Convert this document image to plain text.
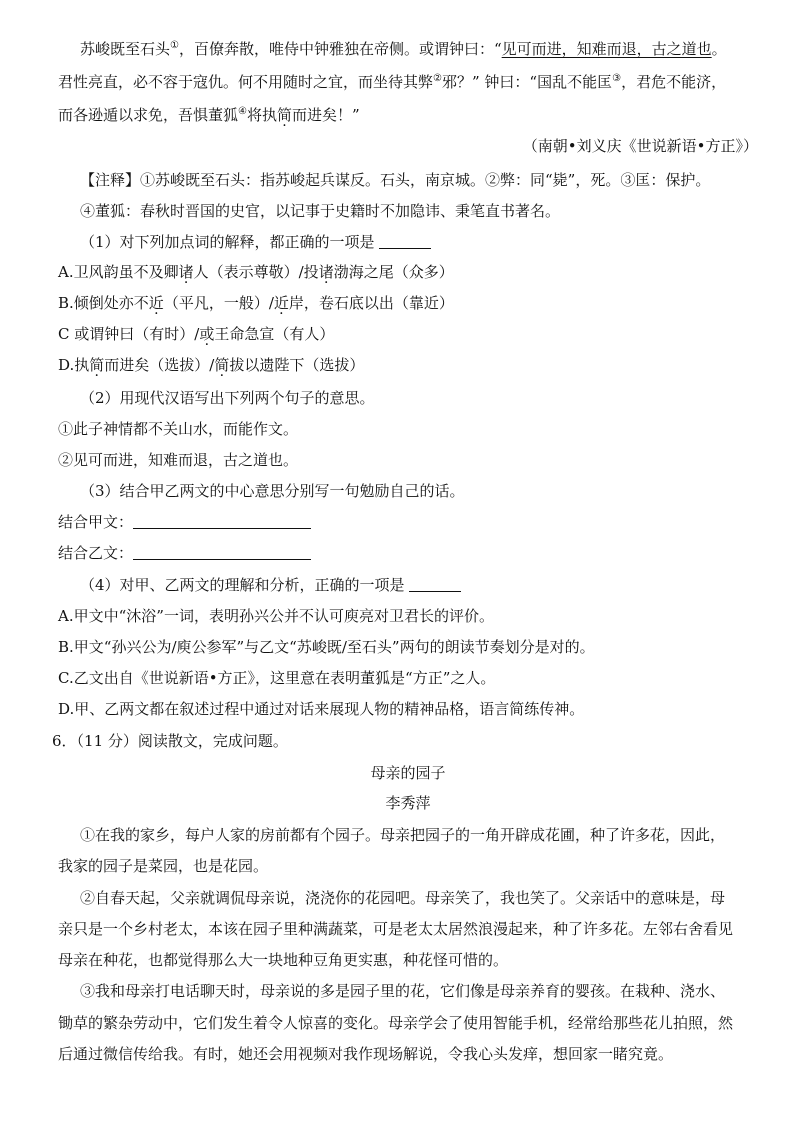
苏峻既至石头①，百僚奔散，唯侍中钟雅独在帝侧。或谓钟曰：“见可而进，知难而退，古之道也。
君性亮直，必不容于寇仇。何不用随时之宜，而坐待其弊②邪？” 钟曰：“国乱不能匡③，君危不能济，
而各逊遁以求免，吾惧董狐④将执简而进矣！”
（南朝•刘义庆《世说新语•方正》）
【注释】①苏峻既至石头：指苏峻起兵谋反。石头，南京城。②弊：同“毙”，死。③匡：保护。
④董狐：春秋时晋国的史官，以记事于史籍时不加隐讳、秉笔直书著名。
（1）对下列加点词的解释，都正确的一项是
A.卫风韵虽不及卿诸人（表示尊敬）/投诸渤海之尾（众多）
B.倾倒处亦不近（平凡，一般）/近岸，卷石底以出（靠近）
C 或谓钟曰（有时）/或王命急宣（有人）
D.执简而进矣（选拔）/简拔以遗陛下（选拔）
（2）用现代汉语写出下列两个句子的意思。
①此子神情都不关山水，而能作文。
②见可而进，知难而退，古之道也。
（3）结合甲乙两文的中心意思分别写一句勉励自己的话。
结合甲文：
结合乙文：
（4）对甲、乙两文的理解和分析，正确的一项是
A.甲文中“沐浴”一词，表明孙兴公并不认可庾亮对卫君长的评价。
B.甲文“孙兴公为/庾公参军”与乙文“苏峻既/至石头”两句的朗读节奏划分是对的。
C.乙文出自《世说新语•方正》，这里意在表明董狐是“方正”之人。
D.甲、乙两文都在叙述过程中通过对话来展现人物的精神品格，语言简练传神。
6．（11 分）阅读散文，完成问题。
母亲的园子
李秀萍
①在我的家乡，每户人家的房前都有个园子。母亲把园子的一角开辟成花圃，种了许多花，因此，
我家的园子是菜园，也是花园。
②自春天起，父亲就调侃母亲说，浇浇你的花园吧。母亲笑了，我也笑了。父亲话中的意味是，母
亲只是一个乡村老太，本该在园子里种满蔬菜，可是老太太居然浪漫起来，种了许多花。左邻右舍看见
母亲在种花，也都觉得那么大一块地种豆角更实惠，种花怪可惜的。
③我和母亲打电话聊天时，母亲说的多是园子里的花，它们像是母亲养育的婴孩。在栽种、浇水、
锄草的繁杂劳动中，它们发生着令人惊喜的变化。母亲学会了使用智能手机，经常给那些花儿拍照，然
后通过微信传给我。有时，她还会用视频对我作现场解说，令我心头发痒，想回家一睹究竟。
